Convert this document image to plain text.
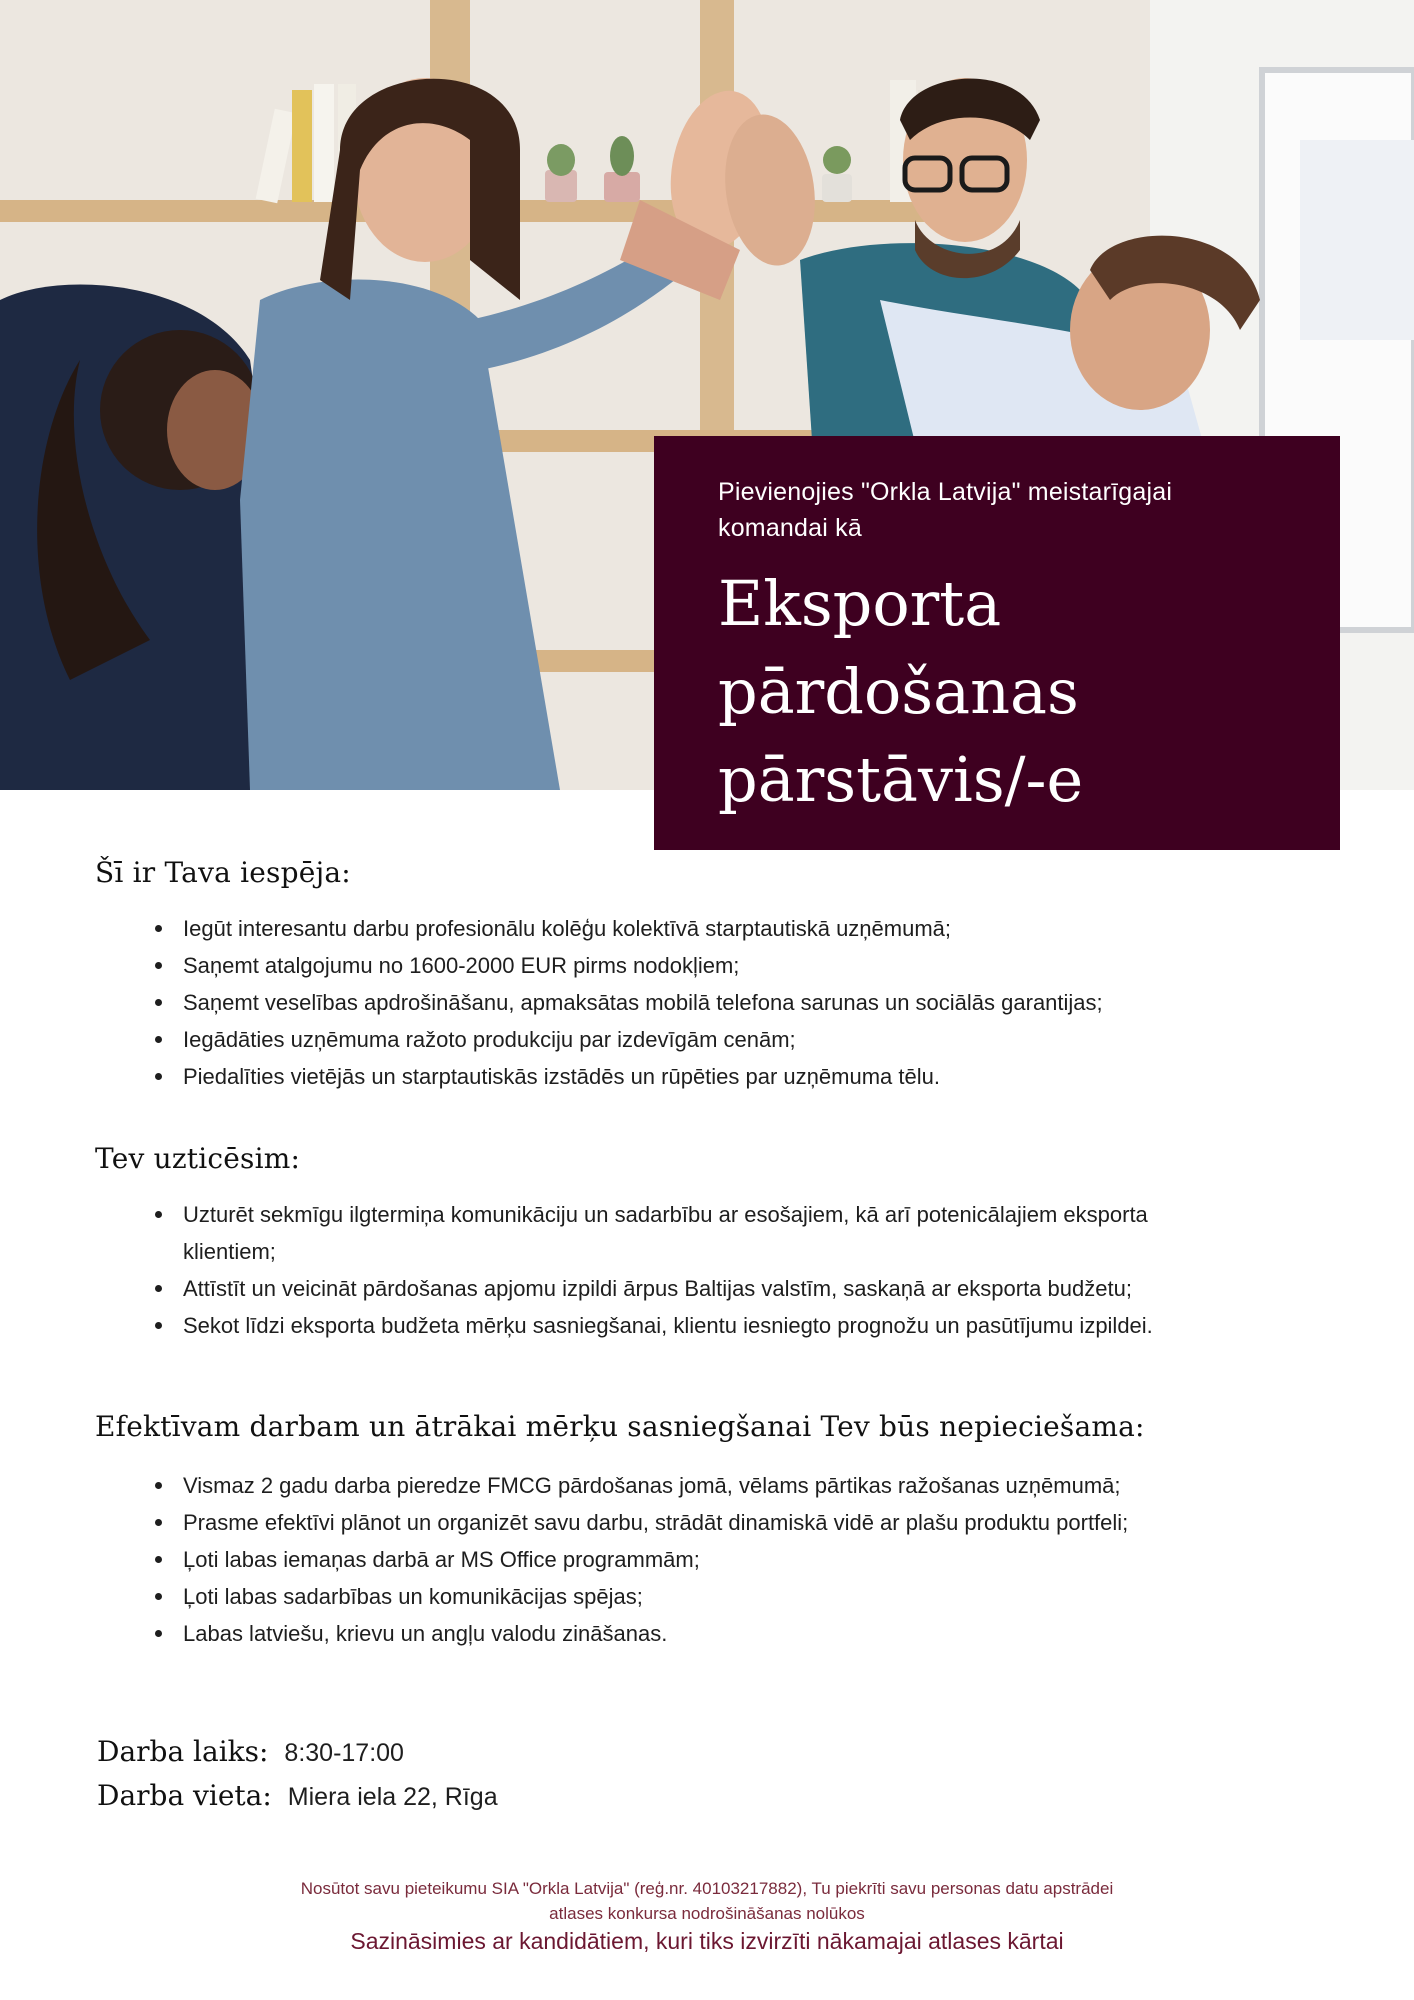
Pievienojies "Orkla Latvija" meistarīgajai komandai kā
Eksporta
pārdošanas
pārstāvis/-e
Šī ir Tava iespēja:
Iegūt interesantu darbu profesionālu kolēģu kolektīvā starptautiskā uzņēmumā;
Saņemt atalgojumu no 1600-2000 EUR pirms nodokļiem;
Saņemt veselības apdrošināšanu, apmaksātas mobilā telefona sarunas un sociālās garantijas;
Iegādāties uzņēmuma ražoto produkciju par izdevīgām cenām;
Piedalīties vietējās un starptautiskās izstādēs un rūpēties par uzņēmuma tēlu.
Tev uzticēsim:
Uzturēt sekmīgu ilgtermiņa komunikāciju un sadarbību ar esošajiem, kā arī potenicālajiem eksporta klientiem;
Attīstīt un veicināt pārdošanas apjomu izpildi ārpus Baltijas valstīm, saskaņā ar eksporta budžetu;
Sekot līdzi eksporta budžeta mērķu sasniegšanai, klientu iesniegto prognožu un pasūtījumu izpildei.
Efektīvam darbam un ātrākai mērķu sasniegšanai Tev būs nepieciešama:
Vismaz 2 gadu darba pieredze FMCG pārdošanas jomā, vēlams pārtikas ražošanas uzņēmumā;
Prasme efektīvi plānot un organizēt savu darbu, strādāt dinamiskā vidē ar plašu produktu portfeli;
Ļoti labas iemaņas darbā ar MS Office programmām;
Ļoti labas sadarbības un komunikācijas spējas;
Labas latviešu, krievu un angļu valodu zināšanas.
Darba laiks: 8:30-17:00
Darba vieta: Miera iela 22, Rīga
Nosūtot savu pieteikumu SIA "Orkla Latvija" (reģ.nr. 40103217882), Tu piekrīti savu personas datu apstrādei
atlases konkursa nodrošināšanas nolūkos
Sazināsimies ar kandidātiem, kuri tiks izvirzīti nākamajai atlases kārtai
